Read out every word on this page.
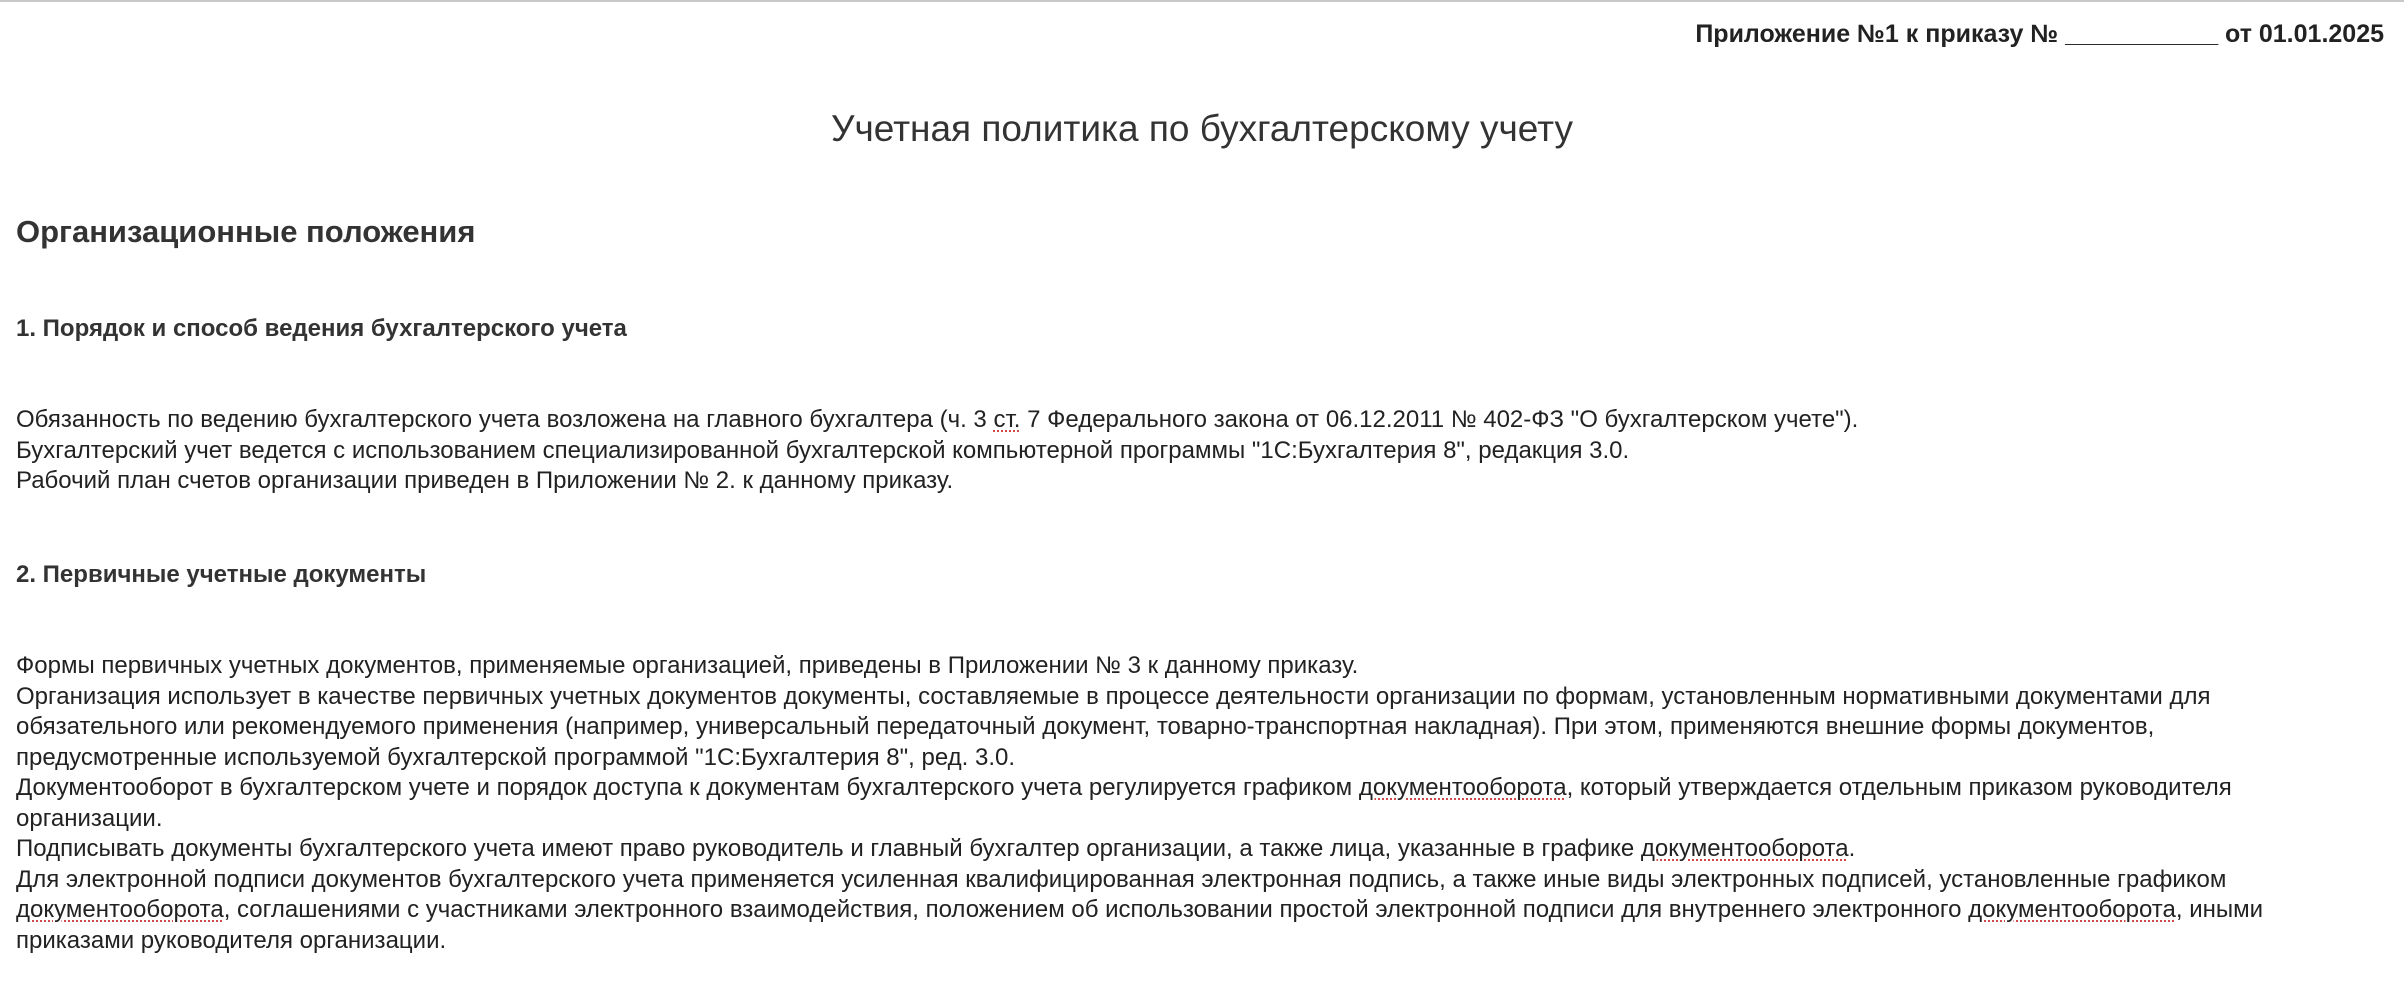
Приложение №1 к приказу № ___________ от 01.01.2025
Учетная политика по бухгалтерскому учету
Организационные положения
1. Порядок и способ ведения бухгалтерского учета

Обязанность по ведению бухгалтерского учета возложена на главного бухгалтера (ч. 3 ст. 7 Федерального закона от 06.12.2011 № 402-ФЗ "О бухгалтерском учете").

Бухгалтерский учет ведется с использованием специализированной бухгалтерской компьютерной программы "1С:Бухгалтерия 8", редакция 3.0.

Рабочий план счетов организации приведен в Приложении № 2. к данному приказу.

2. Первичные учетные документы

Формы первичных учетных документов, применяемые организацией, приведены в Приложении № 3 к данному приказу.

Организация использует в качестве первичных учетных документов документы, составляемые в процессе деятельности организации по формам, установленным нормативными документами для обязательного или рекомендуемого применения (например, универсальный передаточный документ, товарно-транспортная накладная). При этом, применяются внешние формы документов, предусмотренные используемой бухгалтерской программой "1С:Бухгалтерия 8", ред. 3.0.

Документооборот в бухгалтерском учете и порядок доступа к документам бухгалтерского учета регулируется графиком документооборота, который утверждается отдельным приказом руководителя организации.

Подписывать документы бухгалтерского учета имеют право руководитель и главный бухгалтер организации, а также лица, указанные в графике документооборота.

Для электронной подписи документов бухгалтерского учета применяется усиленная квалифицированная электронная подпись, а также иные виды электронных подписей, установленные графиком документооборота, соглашениями с участниками электронного взаимодействия, положением об использовании простой электронной подписи для внутреннего электронного документооборота, иными приказами руководителя организации.
